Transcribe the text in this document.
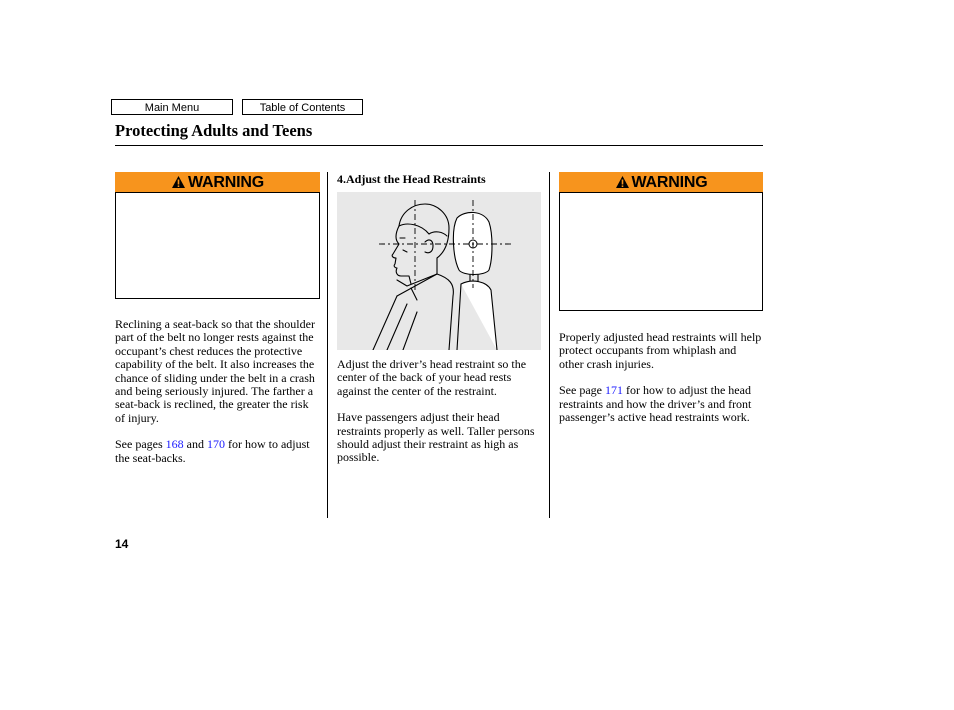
Main Menu	Table of Contents
Protecting Adults and Teens
WARNING

Reclining a seat-back so that the shoulder part of the belt no longer rests against the occupant’s chest reduces the protective capability of the belt. It also increases the chance of sliding under the belt in a crash and being seriously injured. The farther a seat-back is reclined, the greater the risk of injury.

See pages 168 and 170 for how to adjust the seat-backs.

4.Adjust the Head Restraints

Adjust the driver’s head restraint so the center of the back of your head rests against the center of the restraint.

Have passengers adjust their head restraints properly as well. Taller persons should adjust their restraint as high as possible.

WARNING

Properly adjusted head restraints will help protect occupants from whiplash and other crash injuries.

See page 171 for how to adjust the head restraints and how the driver’s and front passenger’s active head restraints work.

14
